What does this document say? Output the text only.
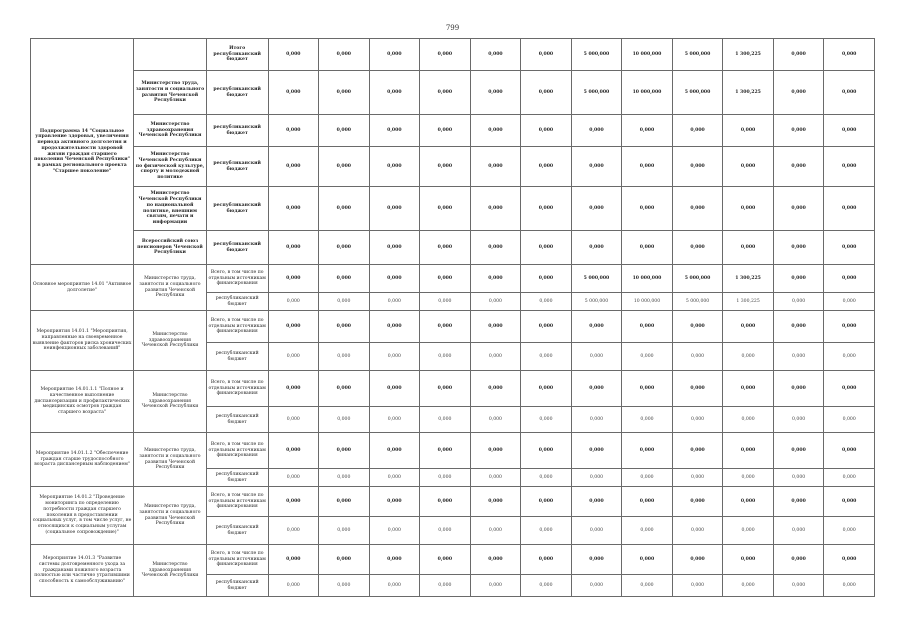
799
Подпрограмма 14 "Социальное управление здоровья, увеличения периода активного долголетия и продолжительности здоровой жизни граждан старшего поколения Чеченской Республики" в рамках регионального проекта "Старшее поколение"		Итого республиканский бюджет	0,000	0,000	0,000	0,000	0,000	0,000	5 000,000	10 000,000	5 000,000	1 300,225	0,000	0,000
	Министерство труда, занятости и социального развития Чеченской Республики	республиканский бюджет	0,000	0,000	0,000	0,000	0,000	0,000	5 000,000	10 000,000	5 000,000	1 300,225	0,000	0,000
	Министерство здравоохранения Чеченской Республики	республиканский бюджет	0,000	0,000	0,000	0,000	0,000	0,000	0,000	0,000	0,000	0,000	0,000	0,000
	Министерство Чеченской Республики по физической культуре, спорту и молодежной политике	республиканский бюджет	0,000	0,000	0,000	0,000	0,000	0,000	0,000	0,000	0,000	0,000	0,000	0,000
	Министерство Чеченской Республики по национальной политике, внешним связям, печати и информации	республиканский бюджет	0,000	0,000	0,000	0,000	0,000	0,000	0,000	0,000	0,000	0,000	0,000	0,000
	Всероссийский союз пенсионеров Чеченской Республики	республиканский бюджет	0,000	0,000	0,000	0,000	0,000	0,000	0,000	0,000	0,000	0,000	0,000	0,000
Основное мероприятие 14.01 "Активное долголетие"	Министерство труда, занятости и социального развития Чеченской Республики	Всего, в том числе по отдельным источникам финансирования	0,000	0,000	0,000	0,000	0,000	0,000	5 000,000	10 000,000	5 000,000	1 300,225	0,000	0,000
		республиканский бюджет	0,000	0,000	0,000	0,000	0,000	0,000	5 000,000	10 000,000	5 000,000	1 300,225	0,000	0,000
Мероприятия 14.01.1 "Мероприятия, направленные на своевременное выявление факторов риска хронических неинфекционных заболеваний"	Министерство здравоохранения Чеченской Республики	Всего, в том числе по отдельным источникам финансирования	0,000	0,000	0,000	0,000	0,000	0,000	0,000	0,000	0,000	0,000	0,000	0,000
		республиканский бюджет	0,000	0,000	0,000	0,000	0,000	0,000	0,000	0,000	0,000	0,000	0,000	0,000
Мероприятие 14.01.1.1 "Полное и качественное выполнение диспансеризации и профилактических медицинских осмотров граждан старшего возраста"	Министерство здравоохранения Чеченской Республики	Всего, в том числе по отдельным источникам финансирования	0,000	0,000	0,000	0,000	0,000	0,000	0,000	0,000	0,000	0,000	0,000	0,000
		республиканский бюджет	0,000	0,000	0,000	0,000	0,000	0,000	0,000	0,000	0,000	0,000	0,000	0,000
Мероприятие 14.01.1.2 "Обеспечение граждан старше трудоспособного возраста диспансерным наблюдением"	Министерство труда, занятости и социального развития Чеченской Республики	Всего, в том числе по отдельным источникам финансирования	0,000	0,000	0,000	0,000	0,000	0,000	0,000	0,000	0,000	0,000	0,000	0,000
		республиканский бюджет	0,000	0,000	0,000	0,000	0,000	0,000	0,000	0,000	0,000	0,000	0,000	0,000
Мероприятие 14.01.2 "Проведение мониторинга по определению потребности граждан старшего поколения в предоставлении социальных услуг, в том числе услуг, не относящихся к социальным услугам (социальное сопровождение)"	Министерство труда, занятости и социального развития Чеченской Республики	Всего, в том числе по отдельным источникам финансирования	0,000	0,000	0,000	0,000	0,000	0,000	0,000	0,000	0,000	0,000	0,000	0,000
		республиканский бюджет	0,000	0,000	0,000	0,000	0,000	0,000	0,000	0,000	0,000	0,000	0,000	0,000
Мероприятие 14.01.3 "Развитие системы долговременного ухода за гражданами пожилого возраста полностью или частично утратившими способность к самообслуживанию"	Министерство здравоохранения Чеченской Республики	Всего, в том числе по отдельным источникам финансирования	0,000	0,000	0,000	0,000	0,000	0,000	0,000	0,000	0,000	0,000	0,000	0,000
		республиканский бюджет	0,000	0,000	0,000	0,000	0,000	0,000	0,000	0,000	0,000	0,000	0,000	0,000
